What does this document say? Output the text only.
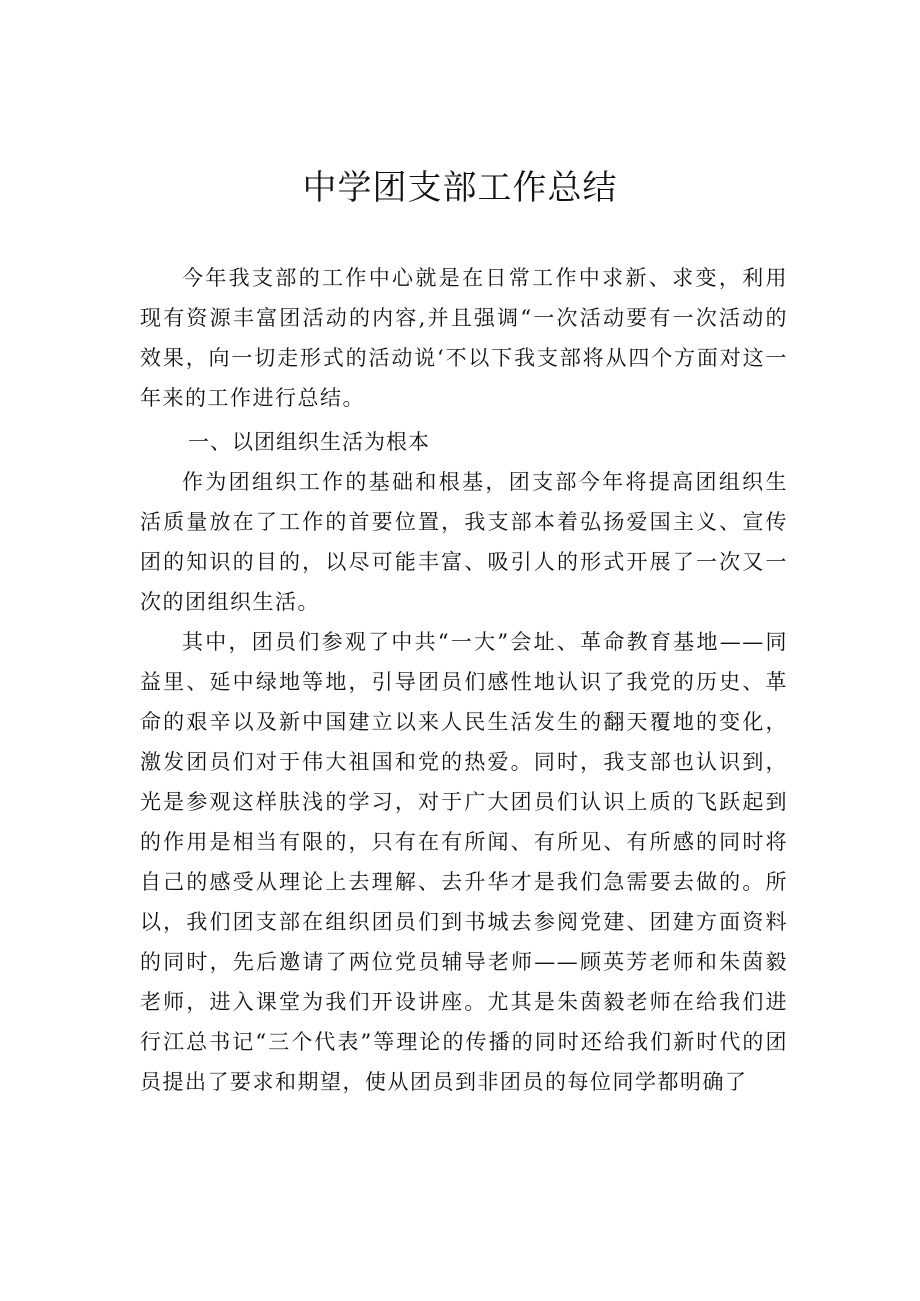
中学团支部工作总结

今年我支部的工作中心就是在日常工作中求新、求变，利用现有资源丰富团活动的内容,并且强调“一次活动要有一次活动的效果，向一切走形式的活动说‘不以下我支部将从四个方面对这一年来的工作进行总结。

一、以团组织生活为根本

作为团组织工作的基础和根基，团支部今年将提高团组织生活质量放在了工作的首要位置，我支部本着弘扬爱国主义、宣传团的知识的目的，以尽可能丰富、吸引人的形式开展了一次又一次的团组织生活。

其中，团员们参观了中共“一大”会址、革命教育基地——同益里、延中绿地等地，引导团员们感性地认识了我党的历史、革命的艰辛以及新中国建立以来人民生活发生的翻天覆地的变化，激发团员们对于伟大祖国和党的热爱。同时，我支部也认识到，光是参观这样肤浅的学习，对于广大团员们认识上质的飞跃起到的作用是相当有限的，只有在有所闻、有所见、有所感的同时将自己的感受从理论上去理解、去升华才是我们急需要去做的。所以，我们团支部在组织团员们到书城去参阅党建、团建方面资料的同时，先后邀请了两位党员辅导老师——顾英芳老师和朱茵毅老师，进入课堂为我们开设讲座。尤其是朱茵毅老师在给我们进行江总书记“三个代表”等理论的传播的同时还给我们新时代的团员提出了要求和期望，使从团员到非团员的每位同学都明确了
